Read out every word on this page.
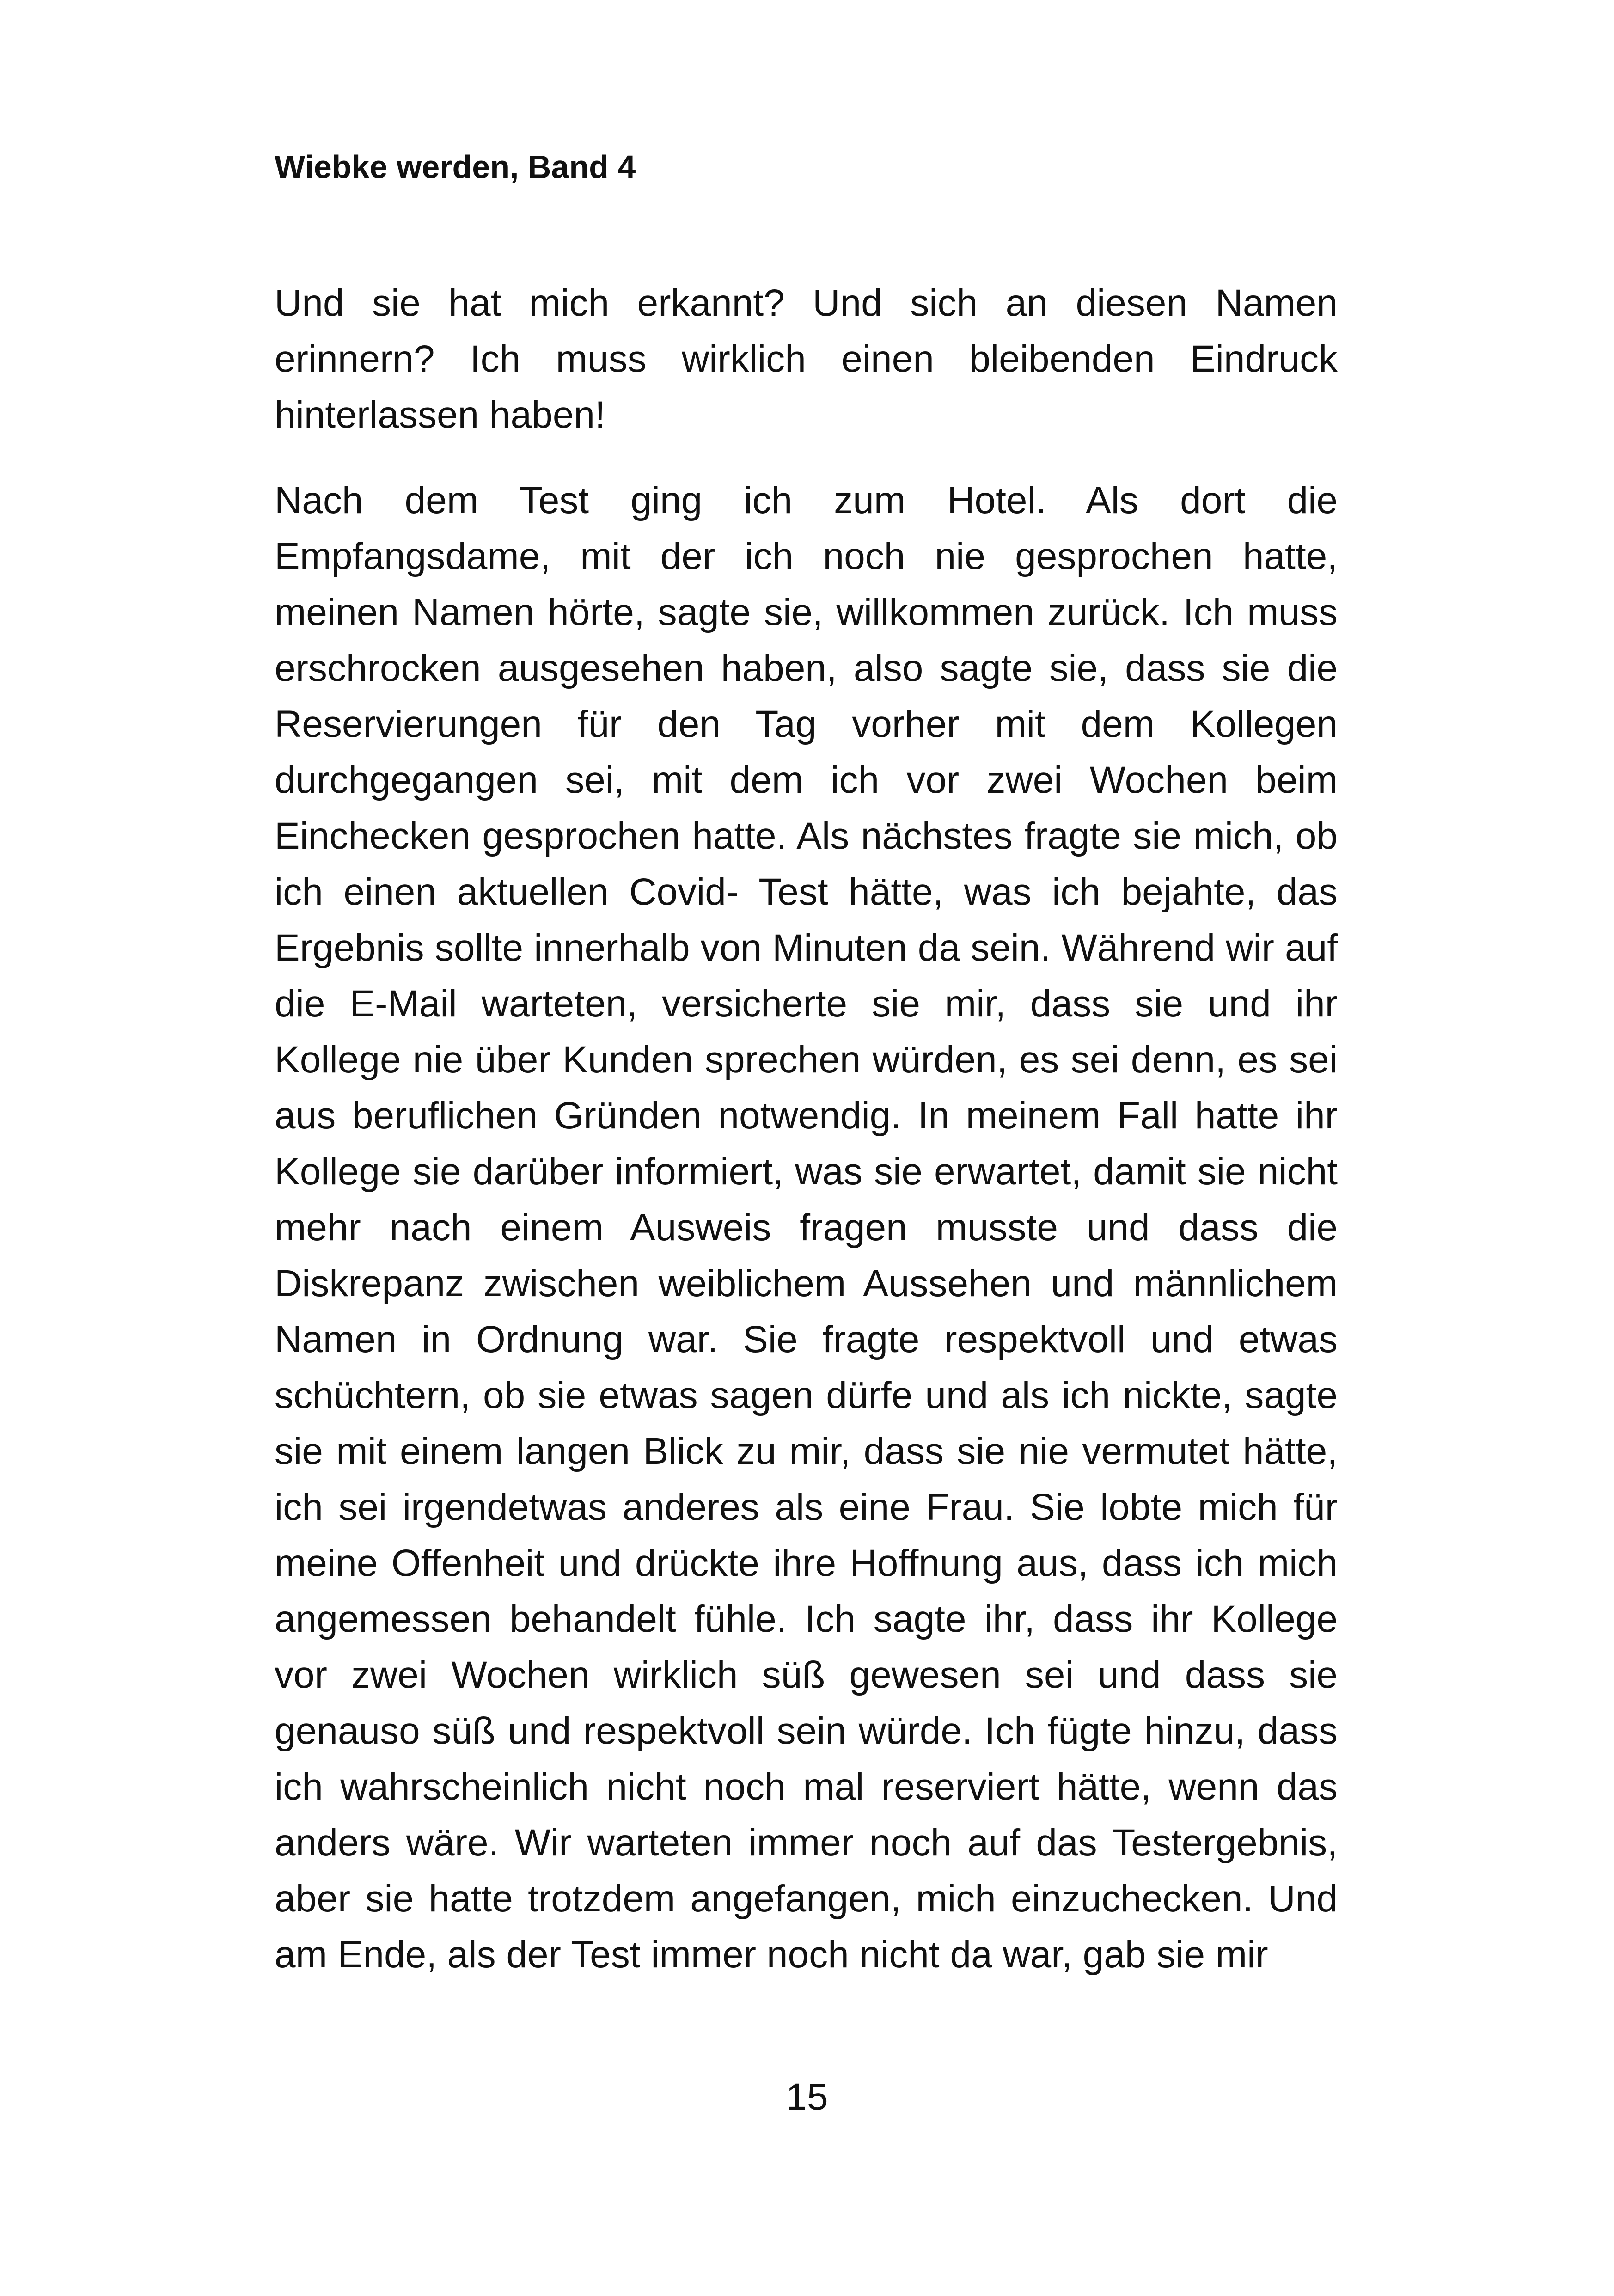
Wiebke werden, Band 4

Und sie hat mich erkannt? Und sich an diesen Namen erinnern? Ich muss wirklich einen bleibenden Eindruck hinterlassen haben!

Nach dem Test ging ich zum Hotel. Als dort die Empfangsdame, mit der ich noch nie gesprochen hatte, meinen Namen hörte, sagte sie, willkommen zurück. Ich muss erschrocken ausgesehen haben, also sagte sie, dass sie die Reservierungen für den Tag vorher mit dem Kollegen durchgegangen sei, mit dem ich vor zwei Wochen beim Einchecken gesprochen hatte. Als nächstes fragte sie mich, ob ich einen aktuellen Covid- Test hätte, was ich bejahte, das Ergebnis sollte innerhalb von Minuten da sein. Während wir auf die E-Mail warteten, versicherte sie mir, dass sie und ihr Kollege nie über Kunden sprechen würden, es sei denn, es sei aus beruflichen Gründen notwendig. In meinem Fall hatte ihr Kollege sie darüber informiert, was sie erwartet, damit sie nicht mehr nach einem Ausweis fragen musste und dass die Diskrepanz zwischen weiblichem Aussehen und männlichem Namen in Ordnung war. Sie fragte respektvoll und etwas schüchtern, ob sie etwas sagen dürfe und als ich nickte, sagte sie mit einem langen Blick zu mir, dass sie nie vermutet hätte, ich sei irgendetwas anderes als eine Frau. Sie lobte mich für meine Offenheit und drückte ihre Hoffnung aus, dass ich mich angemessen behandelt fühle. Ich sagte ihr, dass ihr Kollege vor zwei Wochen wirklich süß gewesen sei und dass sie genauso süß und respektvoll sein würde. Ich fügte hinzu, dass ich wahrscheinlich nicht noch mal reserviert hätte, wenn das anders wäre. Wir warteten immer noch auf das Testergebnis, aber sie hatte trotzdem angefangen, mich einzuchecken. Und am Ende, als der Test immer noch nicht da war, gab sie mir

15
